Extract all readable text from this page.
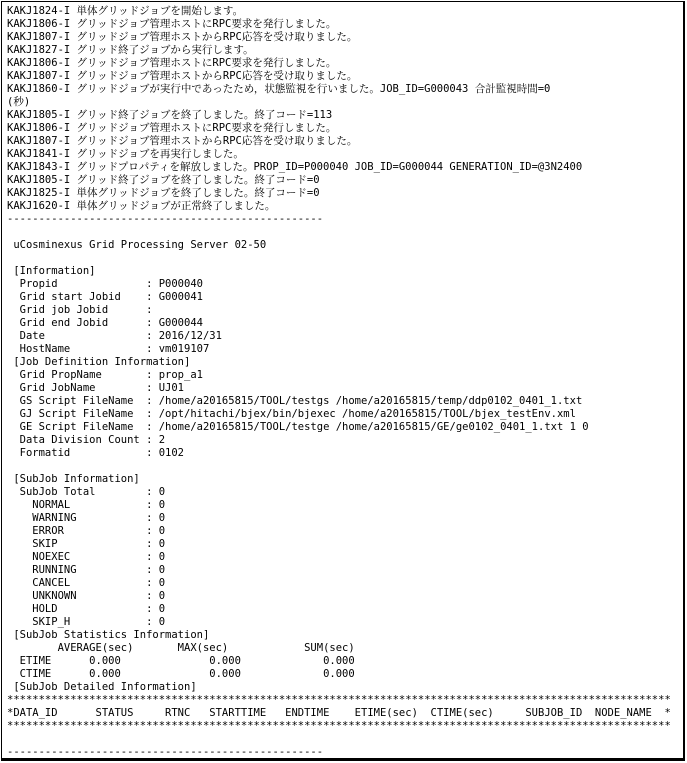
KAKJ1824-I 単体グリッドジョブを開始します。
KAKJ1806-I グリッドジョブ管理ホストにRPC要求を発行しました。
KAKJ1807-I グリッドジョブ管理ホストからRPC応答を受け取りました。
KAKJ1827-I グリッド終了ジョブから実行します。
KAKJ1806-I グリッドジョブ管理ホストにRPC要求を発行しました。
KAKJ1807-I グリッドジョブ管理ホストからRPC応答を受け取りました。
KAKJ1860-I グリッドジョブが実行中であったため，状態監視を行いました。JOB_ID=G000043 合計監視時間=0
(秒)
KAKJ1805-I グリッド終了ジョブを終了しました。終了コード=113
KAKJ1806-I グリッドジョブ管理ホストにRPC要求を発行しました。
KAKJ1807-I グリッドジョブ管理ホストからRPC応答を受け取りました。
KAKJ1841-I グリッドジョブを再実行しました。
KAKJ1843-I グリッドプロパティを解放しました。PROP_ID=P000040 JOB_ID=G000044 GENERATION_ID=@3N2400
KAKJ1805-I グリッド終了ジョブを終了しました。終了コード=0
KAKJ1825-I 単体グリッドジョブを終了しました。終了コード=0
KAKJ1620-I 単体グリッドジョブが正常終了しました。
--------------------------------------------------
uCosminexus Grid Processing Server 02-50
[Information]
Propid              : P000040
Grid start Jobid    : G000041
Grid job Jobid      :
Grid end Jobid      : G000044
Date                : 2016/12/31
HostName            : vm019107
[Job Definition Information]
Grid PropName       : prop_a1
Grid JobName        : UJ01
GS Script FileName  : /home/a20165815/TOOL/testgs /home/a20165815/temp/ddp0102_0401_1.txt
GJ Script FileName  : /opt/hitachi/bjex/bin/bjexec /home/a20165815/TOOL/bjex_testEnv.xml
GE Script FileName  : /home/a20165815/TOOL/testge /home/a20165815/GE/ge0102_0401_1.txt 1 0
Data Division Count : 2
Formatid            : 0102
[SubJob Information]
SubJob Total        : 0
NORMAL            : 0
WARNING           : 0
ERROR             : 0
SKIP              : 0
NOEXEC            : 0
RUNNING           : 0
CANCEL            : 0
UNKNOWN           : 0
HOLD              : 0
SKIP_H            : 0
[SubJob Statistics Information]
AVERAGE(sec)       MAX(sec)            SUM(sec)
ETIME      0.000              0.000             0.000
CTIME      0.000              0.000             0.000
[SubJob Detailed Information]
*********************************************************************************************************
*DATA_ID      STATUS     RTNC   STARTTIME   ENDTIME    ETIME(sec)  CTIME(sec)     SUBJOB_ID  NODE_NAME  *
*********************************************************************************************************
--------------------------------------------------
